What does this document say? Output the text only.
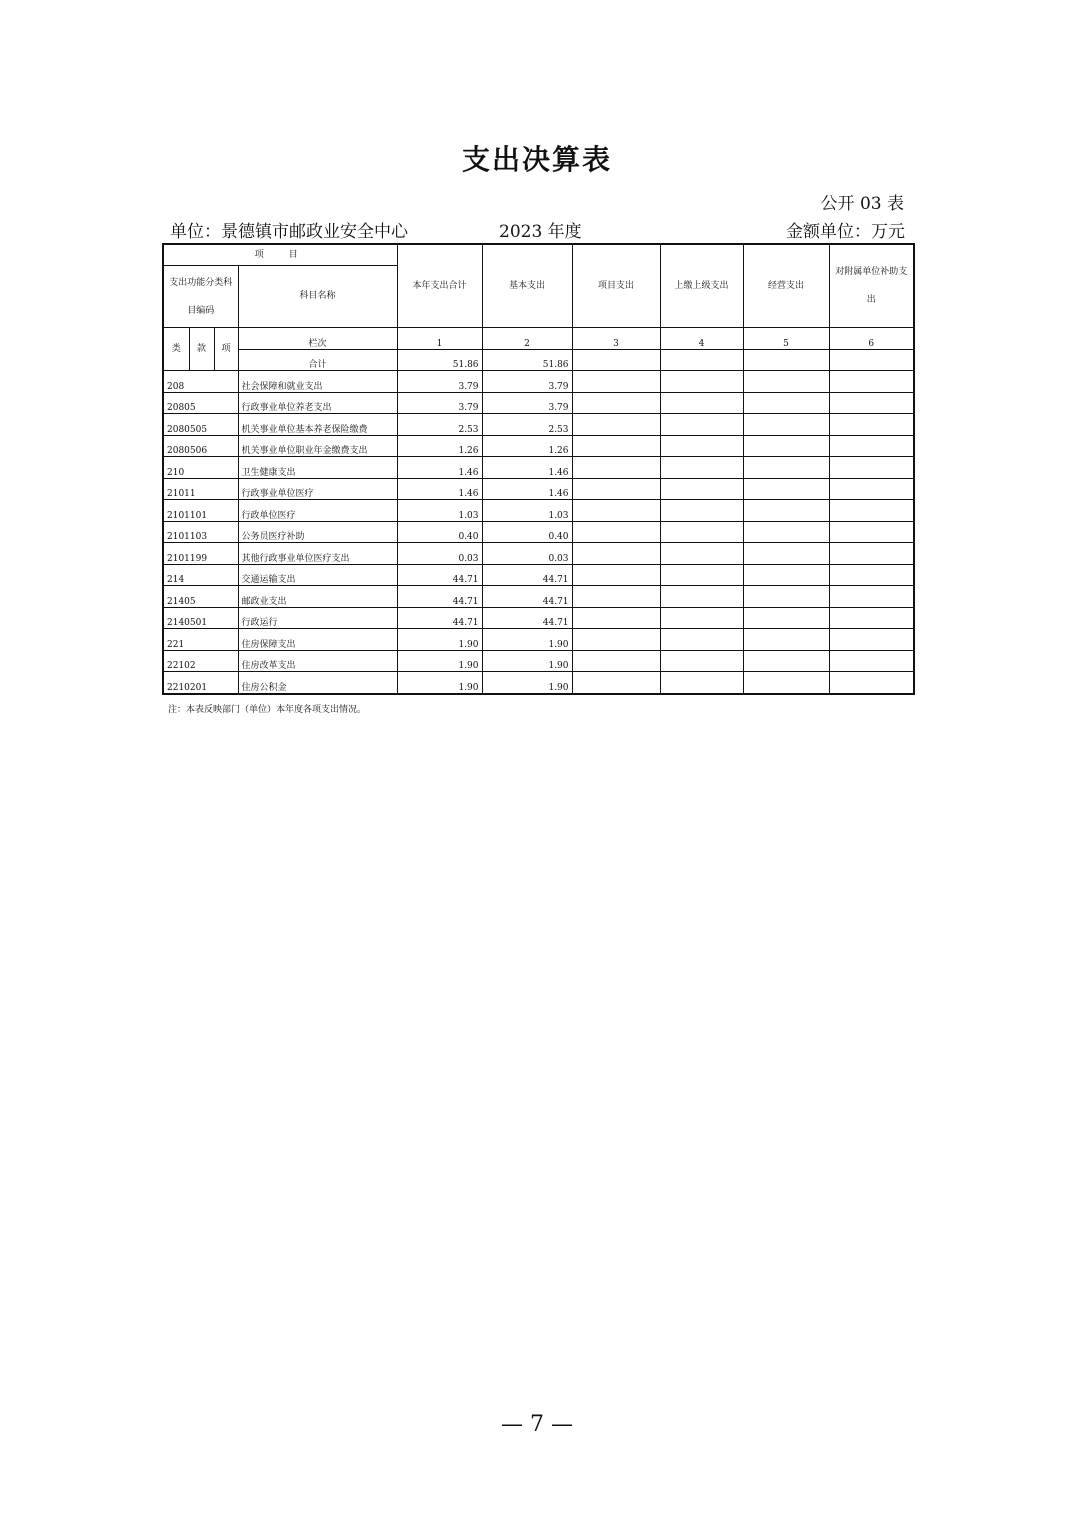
支出决算表
公开 03 表
单位：景德镇市邮政业安全中心	2023 年度	金额单位：万元
项　目				本年支出合计	基本支出	项目支出	上缴上级支出	经营支出	对附属单位补助支出
支出功能分类科目编码			科目名称						
类	款	项	栏次	1	2	3	4	5	6
			合计	51.86	51.86				
208			社会保障和就业支出	3.79	3.79				
20805			行政事业单位养老支出	3.79	3.79				
2080505			机关事业单位基本养老保险缴费	2.53	2.53				
2080506			机关事业单位职业年金缴费支出	1.26	1.26				
210			卫生健康支出	1.46	1.46				
21011			行政事业单位医疗	1.46	1.46				
2101101			行政单位医疗	1.03	1.03				
2101103			公务员医疗补助	0.40	0.40				
2101199			其他行政事业单位医疗支出	0.03	0.03				
214			交通运输支出	44.71	44.71				
21405			邮政业支出	44.71	44.71				
2140501			行政运行	44.71	44.71				
221			住房保障支出	1.90	1.90				
22102			住房改革支出	1.90	1.90				
2210201			住房公积金	1.90	1.90				
注：本表反映部门（单位）本年度各项支出情况。
— 7 —
